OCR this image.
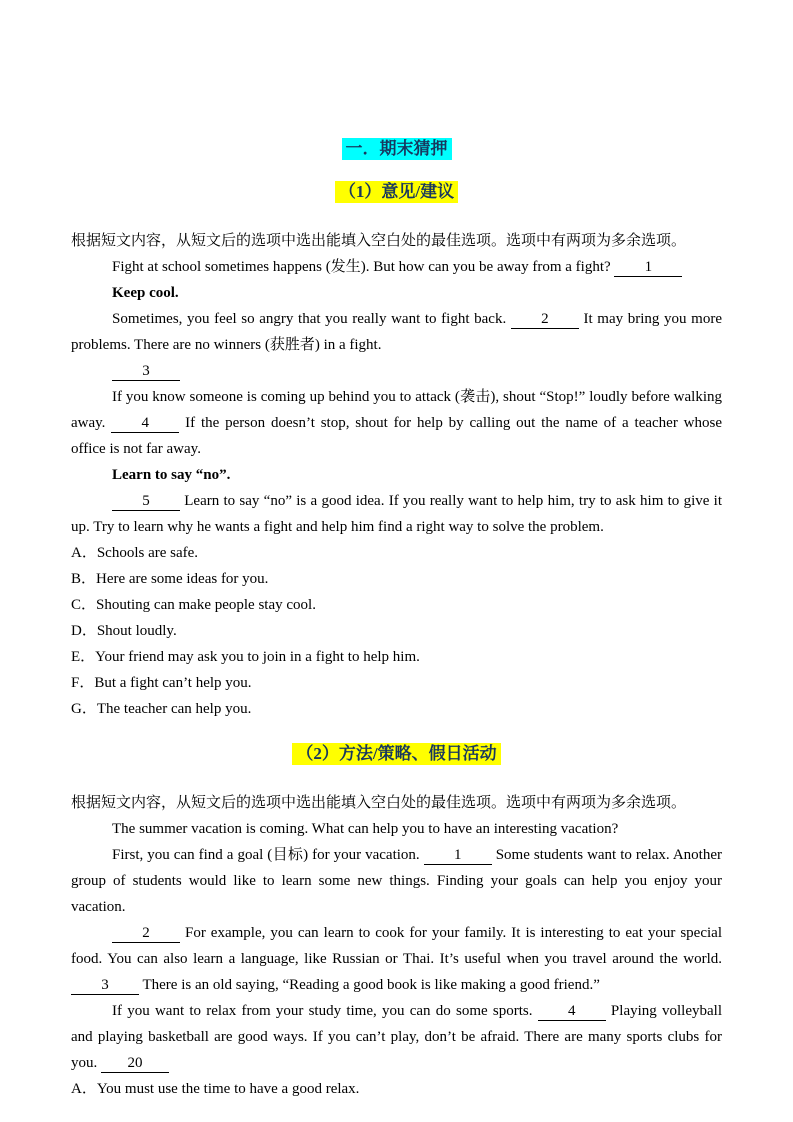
一．期末猜押
（1）意见/建议

根据短文内容，从短文后的选项中选出能填入空白处的最佳选项。选项中有两项为多余选项。

Fight at school sometimes happens (发生). But how can you be away from a fight? 1

Keep cool.

Sometimes, you feel so angry that you really want to fight back. 2 It may bring you more problems. There are no winners (获胜者) in a fight.

3

If you know someone is coming up behind you to attack (袭击), shout “Stop!” loudly before walking away. 4 If the person doesn’t stop, shout for help by calling out the name of a teacher whose office is not far away.

Learn to say “no”.

5 Learn to say “no” is a good idea. If you really want to help him, try to ask him to give it up. Try to learn why he wants a fight and help him find a right way to solve the problem.

A．Schools are safe.

B．Here are some ideas for you.

C．Shouting can make people stay cool.

D．Shout loudly.

E．Your friend may ask you to join in a fight to help him.

F．But a fight can’t help you.

G．The teacher can help you.

（2）方法/策略、假日活动

根据短文内容，从短文后的选项中选出能填入空白处的最佳选项。选项中有两项为多余选项。

The summer vacation is coming. What can help you to have an interesting vacation?

First, you can find a goal (目标) for your vacation. 1 Some students want to relax. Another group of students would like to learn some new things. Finding your goals can help you enjoy your vacation.

2 For example, you can learn to cook for your family. It is interesting to eat your special food. You can also learn a language, like Russian or Thai. It’s useful when you travel around the world.3 There is an old saying, “Reading a good book is like making a good friend.”

If you want to relax from your study time, you can do some sports. 4 Playing volleyball and playing basketball are good ways. If you can’t play, don’t be afraid. There are many sports clubs for you. 20

A．You must use the time to have a good relax.
